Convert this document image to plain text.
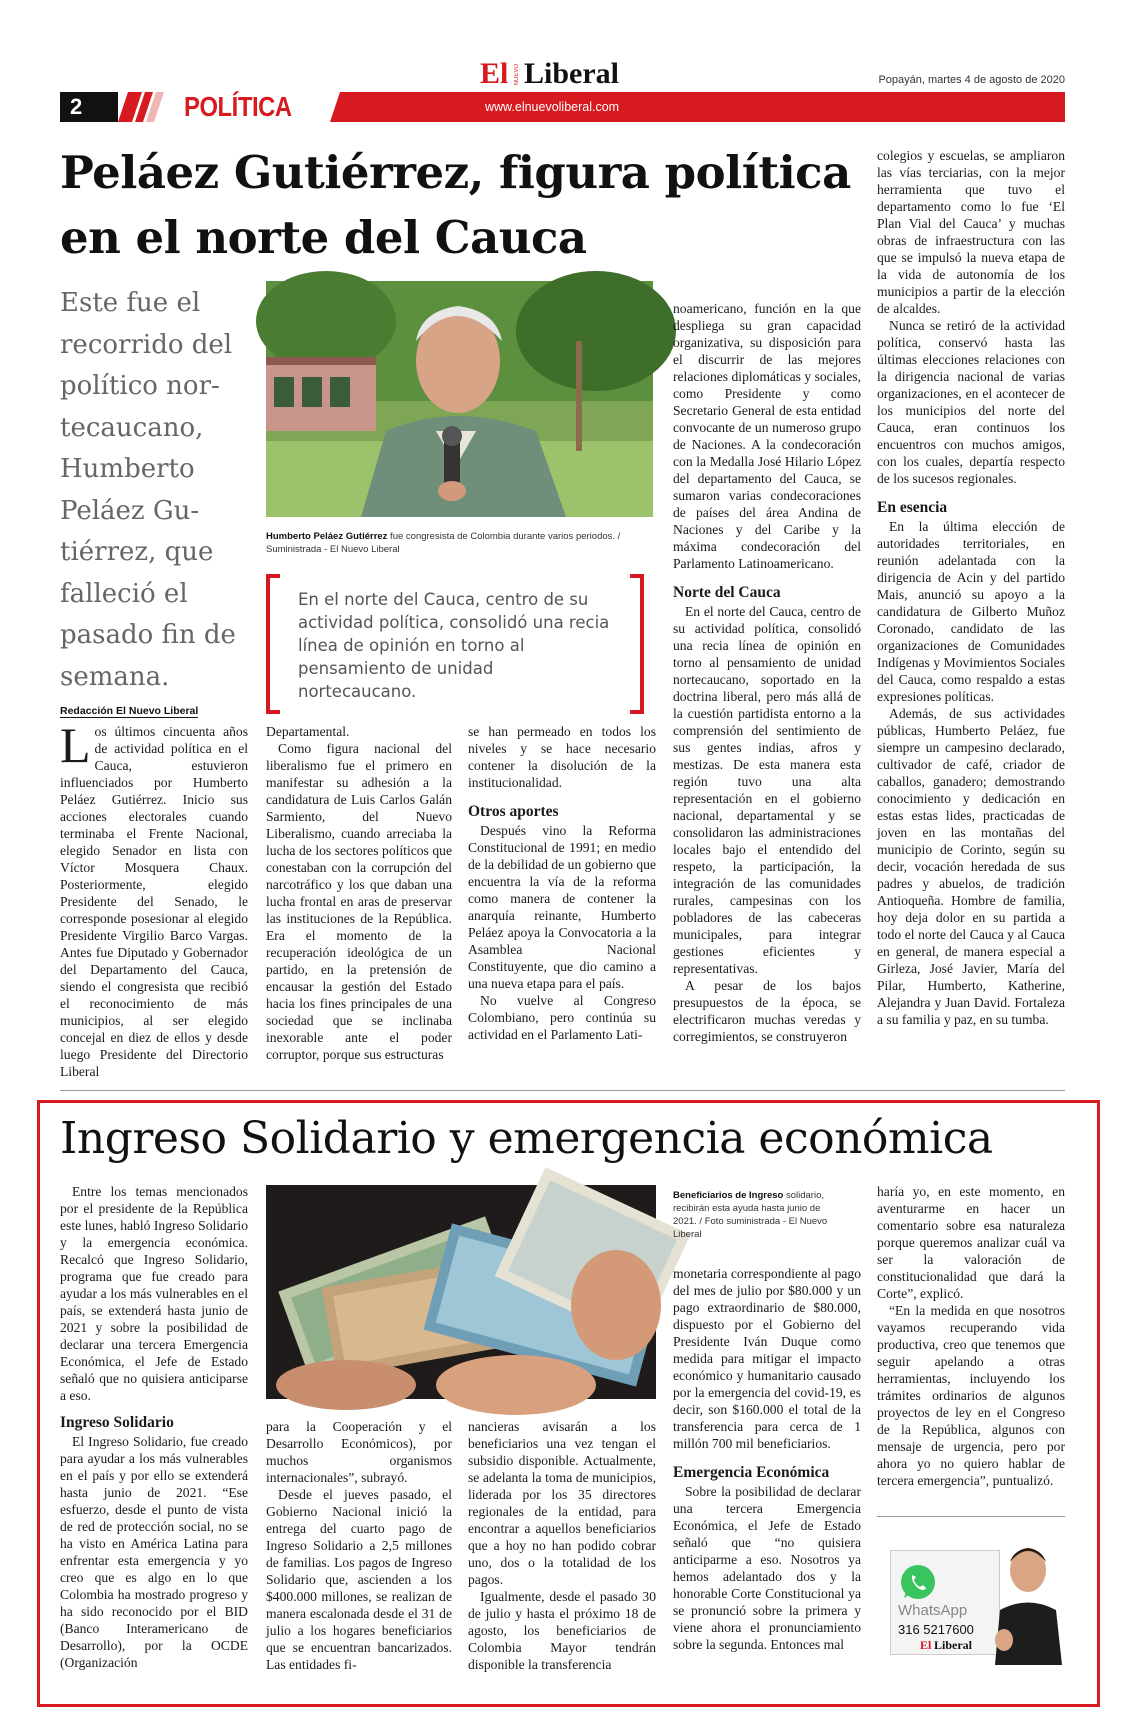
El NUEVO Liberal	Popayán, martes 4 de agosto de 2020
2	POLÍTICA	www.elnuevoliberal.com
Peláez Gutiérrez, figura política en el norte del Cauca
Este fue el recorrido del político nor-tecaucano, Humberto Peláez Gu-tiérrez, que falleció el pasado fin de semana.
Redacción El Nuevo Liberal
Humberto Peláez Gutiérrez fue congresista de Colombia durante varios periodos. / Suministrada - El Nuevo Liberal
En el norte del Cauca, centro de su actividad política, consolidó una recia línea de opinión en torno al pensamiento de unidad nortecaucano.
Los últimos cincuenta años de actividad política en el Cauca, estuvieron influenciados por Humberto Peláez Gutiérrez. Inicio sus acciones electorales cuando terminaba el Frente Nacional, elegido Senador en lista con Víctor Mosquera Chaux. Posteriormente, elegido Presidente del Senado, le corresponde posesionar al elegido Presidente Virgilio Barco Vargas. Antes fue Diputado y Gobernador del Departamento del Cauca, siendo el congresista que recibió el reconocimiento de más municipios, al ser elegido concejal en diez de ellos y desde luego Presidente del Directorio Liberal

Departamental.

Como figura nacional del liberalismo fue el primero en manifestar su adhesión a la candidatura de Luis Carlos Galán Sarmiento, del Nuevo Liberalismo, cuando arreciaba la lucha de los sectores políticos que conestaban con la corrupción del narcotráfico y los que daban una lucha frontal en aras de preservar las instituciones de la República. Era el momento de la recuperación ideológica de un partido, en la pretensión de encausar la gestión del Estado hacia los fines principales de una sociedad que se inclinaba inexorable ante el poder corruptor, porque sus estructuras

se han permeado en todos los niveles y se hace necesario contener la disolución de la institucionalidad.

Otros aportes

Después vino la Reforma Constitucional de 1991; en medio de la debilidad de un gobierno que encuentra la vía de la reforma como manera de contener la anarquía reinante, Humberto Peláez apoya la Convocatoria a la Asamblea Nacional Constituyente, que dio camino a una nueva etapa para el país.

No vuelve al Congreso Colombiano, pero continúa su actividad en el Parlamento Lati-

noamericano, función en la que despliega su gran capacidad organizativa, su disposición para el discurrir de las mejores relaciones diplomáticas y sociales, como Presidente y como Secretario General de esta entidad convocante de un numeroso grupo de Naciones. A la condecoración con la Medalla José Hilario López del departamento del Cauca, se sumaron varias condecoraciones de países del área Andina de Naciones y del Caribe y la máxima condecoración del Parlamento Latinoamericano.

Norte del Cauca

En el norte del Cauca, centro de su actividad política, consolidó una recia línea de opinión en torno al pensamiento de unidad nortecaucano, soportado en la doctrina liberal, pero más allá de la cuestión partidista entorno a la comprensión del sentimiento de sus gentes indias, afros y mestizas. De esta manera esta región tuvo una alta representación en el gobierno nacional, departamental y se consolidaron las administraciones locales bajo el entendido del respeto, la participación, la integración de las comunidades rurales, campesinas con los pobladores de las cabeceras municipales, para integrar gestiones eficientes y representativas.

A pesar de los bajos presupuestos de la época, se electrificaron muchas veredas y corregimientos, se construyeron

colegios y escuelas, se ampliaron las vías terciarias, con la mejor herramienta que tuvo el departamento como lo fue ‘El Plan Vial del Cauca’ y muchas obras de infraestructura con las que se impulsó la nueva etapa de la vida de autonomía de los municipios a partir de la elección de alcaldes.

Nunca se retiró de la actividad política, conservó hasta las últimas elecciones relaciones con la dirigencia nacional de varias organizaciones, en el acontecer de los municipios del norte del Cauca, eran continuos los encuentros con muchos amigos, con los cuales, departía respecto de los sucesos regionales.

En esencia

En la última elección de autoridades territoriales, en reunión adelantada con la dirigencia de Acin y del partido Mais, anunció su apoyo a la candidatura de Gilberto Muñoz Coronado, candidato de las organizaciones de Comunidades Indígenas y Movimientos Sociales del Cauca, como respaldo a estas expresiones políticas.

Además, de sus actividades públicas, Humberto Peláez, fue siempre un campesino declarado, cultivador de café, criador de caballos, ganadero; demostrando conocimiento y dedicación en estas estas lides, practicadas de joven en las montañas del municipio de Corinto, según su decir, vocación heredada de sus padres y abuelos, de tradición Antioqueña. Hombre de familia, hoy deja dolor en su partida a todo el norte del Cauca y al Cauca en general, de manera especial a Girleza, José Javier, María del Pilar, Humberto, Katherine, Alejandra y Juan David. Fortaleza a su familia y paz, en su tumba.

Ingreso Solidario y emergencia económica
Entre los temas mencionados por el presidente de la República este lunes, habló Ingreso Solidario y la emergencia económica. Recalcó que Ingreso Solidario, programa que fue creado para ayudar a los más vulnerables en el país, se extenderá hasta junio de 2021 y sobre la posibilidad de declarar una tercera Emergencia Económica, el Jefe de Estado señaló que no quisiera anticiparse a eso.
Beneficiarios de Ingreso solidario, recibirán esta ayuda hasta junio de 2021. / Foto suministrada - El Nuevo Liberal
Ingreso Solidario

El Ingreso Solidario, fue creado para ayudar a los más vulnerables en el país y por ello se extenderá hasta junio de 2021. “Ese esfuerzo, desde el punto de vista de red de protección social, no se ha visto en América Latina para enfrentar esta emergencia y yo creo que es algo en lo que Colombia ha mostrado progreso y ha sido reconocido por el BID (Banco Interamericano de Desarrollo), por la OCDE (Organización

para la Cooperación y el Desarrollo Económicos), por muchos organismos internacionales”, subrayó.

Desde el jueves pasado, el Gobierno Nacional inició la entrega del cuarto pago de Ingreso Solidario a 2,5 millones de familias. Los pagos de Ingreso Solidario que, ascienden a los $400.000 millones, se realizan de manera escalonada desde el 31 de julio a los hogares beneficiarios que se encuentran bancarizados. Las entidades fi-

nancieras avisarán a los beneficiarios una vez tengan el subsidio disponible. Actualmente, se adelanta la toma de municipios, liderada por los 35 directores regionales de la entidad, para encontrar a aquellos beneficiarios que a hoy no han podido cobrar uno, dos o la totalidad de los pagos.

Igualmente, desde el pasado 30 de julio y hasta el próximo 18 de agosto, los beneficiarios de Colombia Mayor tendrán disponible la transferencia

monetaria correspondiente al pago del mes de julio por $80.000 y un pago extraordinario de $80.000, dispuesto por el Gobierno del Presidente Iván Duque como medida para mitigar el impacto económico y humanitario causado por la emergencia del covid-19, es decir, son $160.000 el total de la transferencia para cerca de 1 millón 700 mil beneficiarios.

Emergencia Económica

Sobre la posibilidad de declarar una tercera Emergencia Económica, el Jefe de Estado señaló que “no quisiera anticiparme a eso. Nosotros ya hemos adelantado dos y la honorable Corte Constitucional ya se pronunció sobre la primera y viene ahora el pronunciamiento sobre la segunda. Entonces mal

haría yo, en este momento, en aventurarme en hacer un comentario sobre esa naturaleza porque queremos analizar cuál va ser la valoración de constitucionalidad que dará la Corte”, explicó.

“En la medida en que nosotros vayamos recuperando vida productiva, creo que tenemos que seguir apelando a otras herramientas, incluyendo los trámites ordinarios de algunos proyectos de ley en el Congreso de la República, algunos con mensaje de urgencia, pero por ahora yo no quiero hablar de tercera emergencia”, puntualizó.

WhatsApp
316 5217600
El Liberal
